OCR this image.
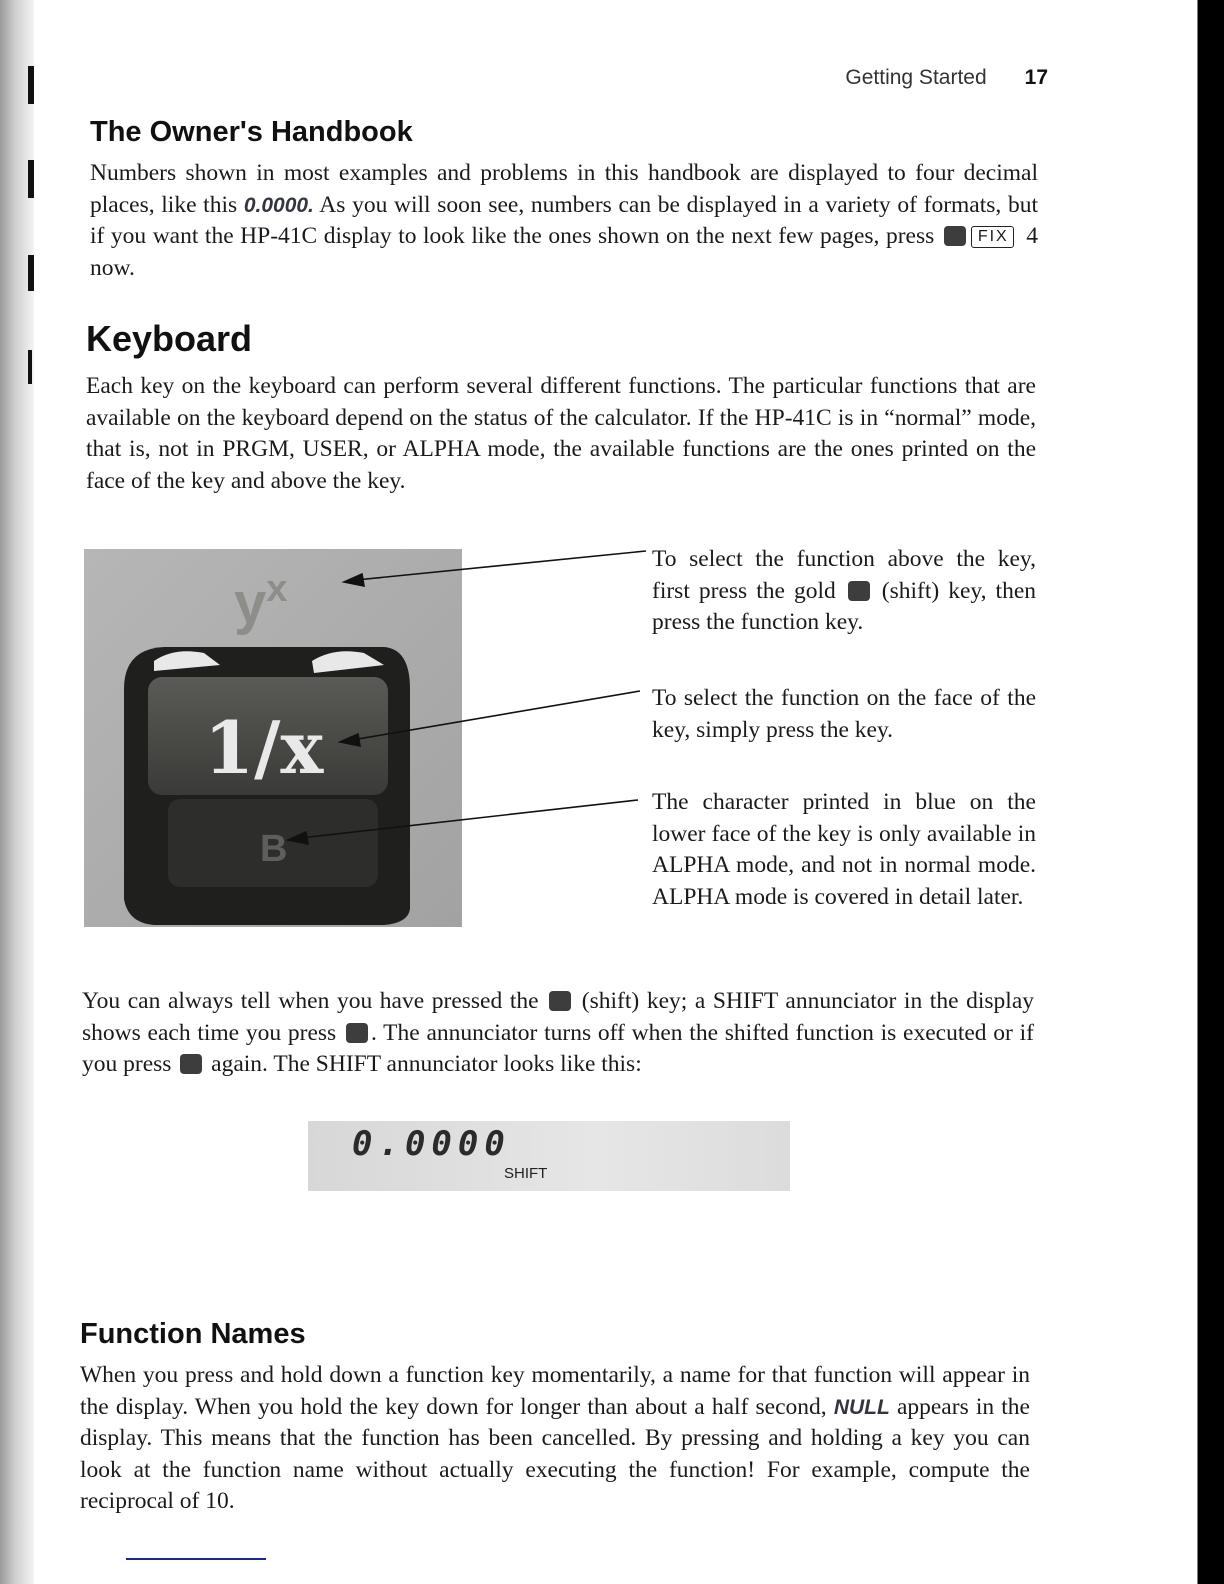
Getting Started 17
The Owner's Handbook

Numbers shown in most examples and problems in this handbook are displayed to four decimal places, like this 0.0000. As you will soon see, numbers can be displayed in a variety of formats, but if you want the HP-41C display to look like the ones shown on the next few pages, press FIX 4 now.

Keyboard

Each key on the keyboard can perform several different functions. The particular functions that are available on the keyboard depend on the status of the calculator. If the HP-41C is in “normal” mode, that is, not in PRGM, USER, or ALPHA mode, the available functions are the ones printed on the face of the key and above the key.

$y^x$
1/x
B

To select the function above the key, first press the gold  (shift) key, then press the function key.

To select the function on the face of the key, simply press the key.

The character printed in blue on the lower face of the key is only available in ALPHA mode, and not in normal mode. ALPHA mode is covered in detail later.

You can always tell when you have pressed the  (shift) key; a SHIFT annunciator in the display shows each time you press . The annunciator turns off when the shifted function is executed or if you press  again. The SHIFT annunciator looks like this:

0.0000
SHIFT
Function Names

When you press and hold down a function key momentarily, a name for that function will appear in the display. When you hold the key down for longer than about a half second, NULL appears in the display. This means that the function has been cancelled. By pressing and holding a key you can look at the function name without actually executing the function! For example, compute the reciprocal of 10.
